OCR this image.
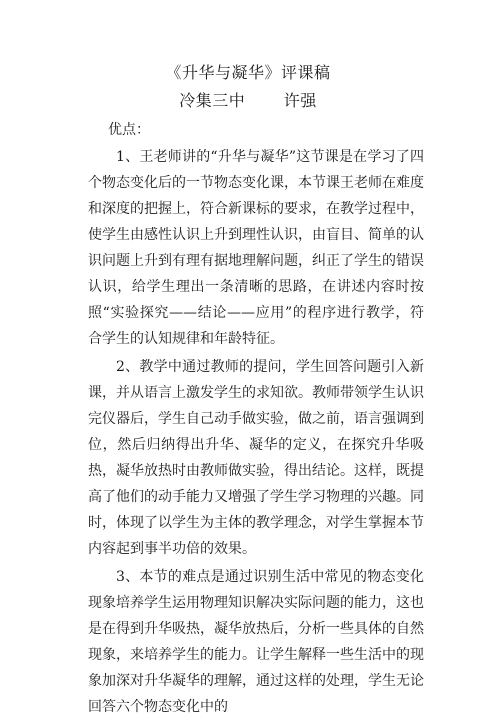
《升华与凝华》评课稿
冷集三中　　 许强
优点：

1、王老师讲的“升华与凝华”这节课是在学习了四个物态变化后的一节物态变化课，本节课王老师在难度和深度的把握上，符合新课标的要求，在教学过程中，使学生由感性认识上升到理性认识，由盲目、简单的认识问题上升到有理有据地理解问题，纠正了学生的错误认识，给学生理出一条清晰的思路，在讲述内容时按照“实验探究——结论——应用”的程序进行教学，符合学生的认知规律和年龄特征。

2、教学中通过教师的提问，学生回答问题引入新课，并从语言上激发学生的求知欲。教师带领学生认识完仪器后，学生自己动手做实验，做之前，语言强调到位，然后归纳得出升华、凝华的定义，在探究升华吸热，凝华放热时由教师做实验，得出结论。这样，既提高了他们的动手能力又增强了学生学习物理的兴趣。同时，体现了以学生为主体的教学理念，对学生掌握本节内容起到事半功倍的效果。

3、本节的难点是通过识别生活中常见的物态变化现象培养学生运用物理知识解决实际问题的能力，这也是在得到升华吸热，凝华放热后，分析一些具体的自然现象，来培养学生的能力。让学生解释一些生活中的现象加深对升华凝华的理解，通过这样的处理，学生无论回答六个物态变化中的
